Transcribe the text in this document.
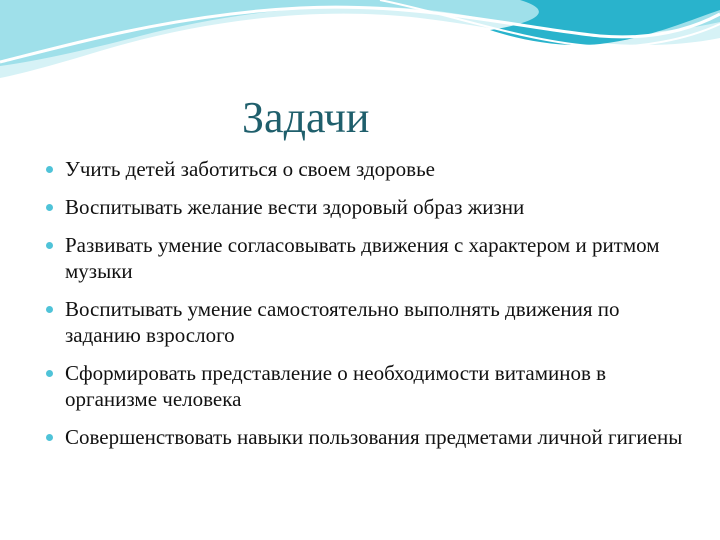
Задачи
Учить детей заботиться о своем здоровье
Воспитывать желание вести здоровый образ жизни
Развивать умение согласовывать движения с характером и ритмом музыки
Воспитывать умение самостоятельно выполнять движения по заданию взрослого
Сформировать представление о необходимости витаминов в организме человека
Совершенствовать навыки пользования предметами личной гигиены
